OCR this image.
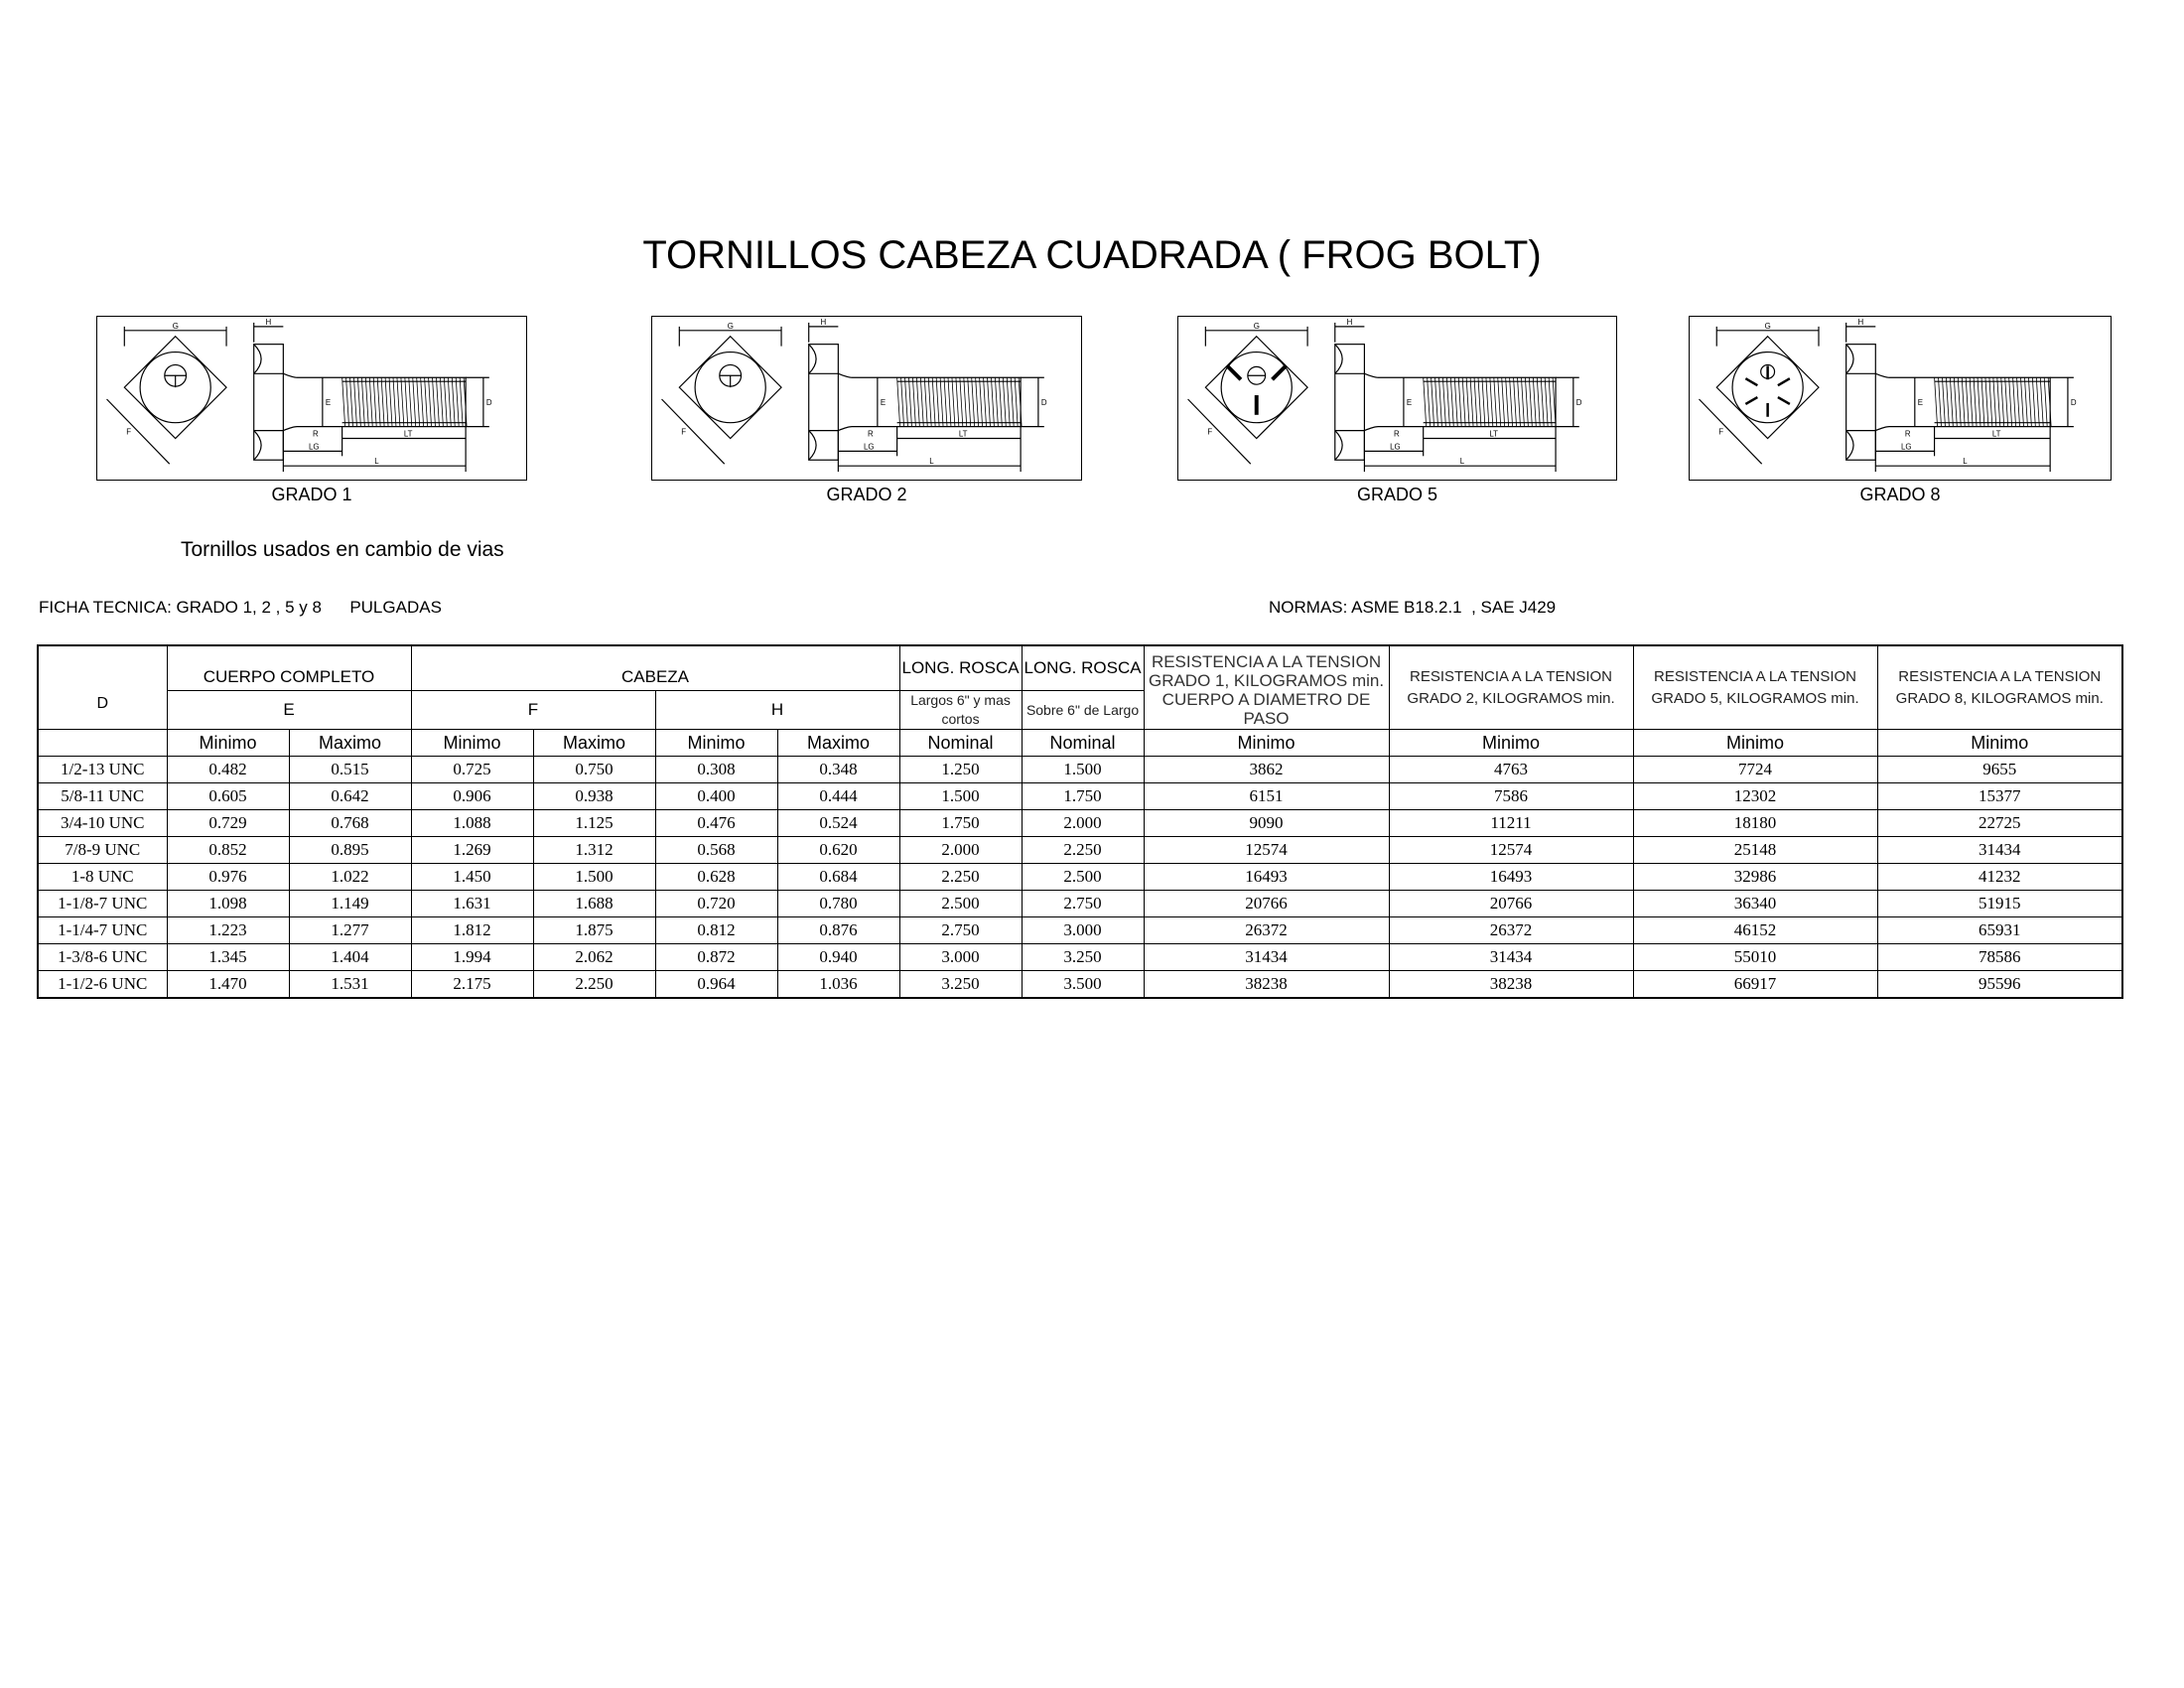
TORNILLOS CABEZA CUADRADA ( FROG BOLT)
G	H
E	D
R	LT
LG
L
F
G	H
E	D
R	LT
LG
L
F
G	H
E	D
R	LT
LG
L
F
G	H
E	D
R	LT
LG
L
F
GRADO 1	GRADO 2	GRADO 5	GRADO 8
Tornillos usados en cambio de vias
FICHA TECNICA: GRADO 1, 2 , 5 y 8      PULGADAS	NORMAS: ASME B18.2.1  , SAE J429
	CUERPO COMPLETO		CABEZA				LONG. ROSCA	LONG. ROSCA	RESISTENCIA A LA TENSION GRADO 1, KILOGRAMOS min. CUERPO A DIAMETRO DE PASO	RESISTENCIA A LA TENSION GRADO 2, KILOGRAMOS min.	RESISTENCIA A LA TENSION GRADO 5, KILOGRAMOS min.	RESISTENCIA A LA TENSION GRADO 8, KILOGRAMOS min.
D	E		F		H		Largos 6" y mas cortos	Sobre 6" de Largo				
	Minimo	Maximo	Minimo	Maximo	Minimo	Maximo	Nominal	Nominal	Minimo	Minimo	Minimo	Minimo
1/2-13 UNC	0.482	0.515	0.725	0.750	0.308	0.348	1.250	1.500	3862	4763	7724	9655
5/8-11 UNC	0.605	0.642	0.906	0.938	0.400	0.444	1.500	1.750	6151	7586	12302	15377
3/4-10 UNC	0.729	0.768	1.088	1.125	0.476	0.524	1.750	2.000	9090	11211	18180	22725
7/8-9 UNC	0.852	0.895	1.269	1.312	0.568	0.620	2.000	2.250	12574	12574	25148	31434
1-8 UNC	0.976	1.022	1.450	1.500	0.628	0.684	2.250	2.500	16493	16493	32986	41232
1-1/8-7 UNC	1.098	1.149	1.631	1.688	0.720	0.780	2.500	2.750	20766	20766	36340	51915
1-1/4-7 UNC	1.223	1.277	1.812	1.875	0.812	0.876	2.750	3.000	26372	26372	46152	65931
1-3/8-6 UNC	1.345	1.404	1.994	2.062	0.872	0.940	3.000	3.250	31434	31434	55010	78586
1-1/2-6 UNC	1.470	1.531	2.175	2.250	0.964	1.036	3.250	3.500	38238	38238	66917	95596
